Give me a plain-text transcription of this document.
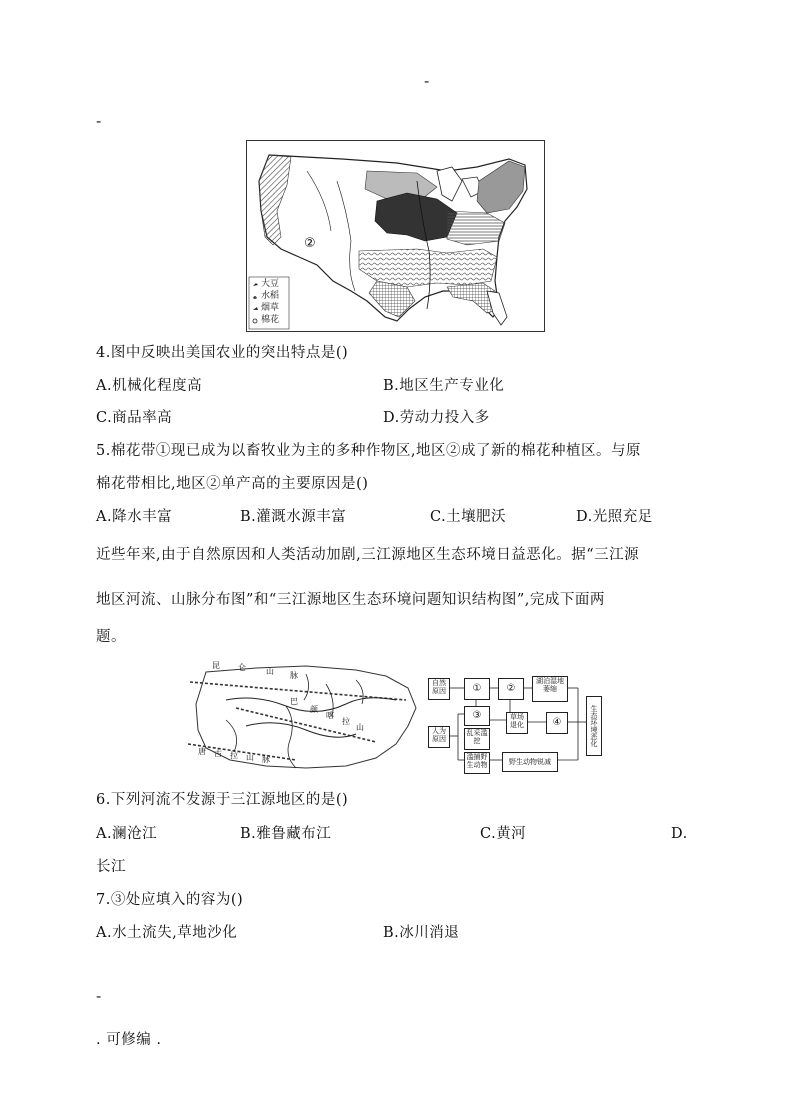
-
-
大豆
水稻
烟草
棉花
②
4.图中反映出美国农业的突出特点是()
A.机械化程度高	B.地区生产专业化
C.商品率高	D.劳动力投入多
5.棉花带①现已成为以畜牧业为主的多种作物区,地区②成了新的棉花种植区。与原
棉花带相比,地区②单产高的主要原因是()
A.降水丰富	B.灌溉水源丰富	C.土壤肥沃	D.光照充足
近些年来,由于自然原因和人类活动加剧,三江源地区生态环境日益恶化。据“三江源
地区河流、山脉分布图”和“三江源地区生态环境问题知识结构图”,完成下面两
题。
昆 仑	山 脉
巴
颜
喀
拉
山
唐 古 拉 山 脉
自然原因	①	②
湖泊湿地萎缩
人为原因
③
乱采滥挖
草场退化	④
滥捕野生动物	野生动物锐减
生态环境恶化
6.下列河流不发源于三江源地区的是()
A.澜沧江	B.雅鲁藏布江	C.黄河	D.
长江
7.③处应填入的容为()
A.水土流失,草地沙化	B.冰川消退
-
. 可修编 .
